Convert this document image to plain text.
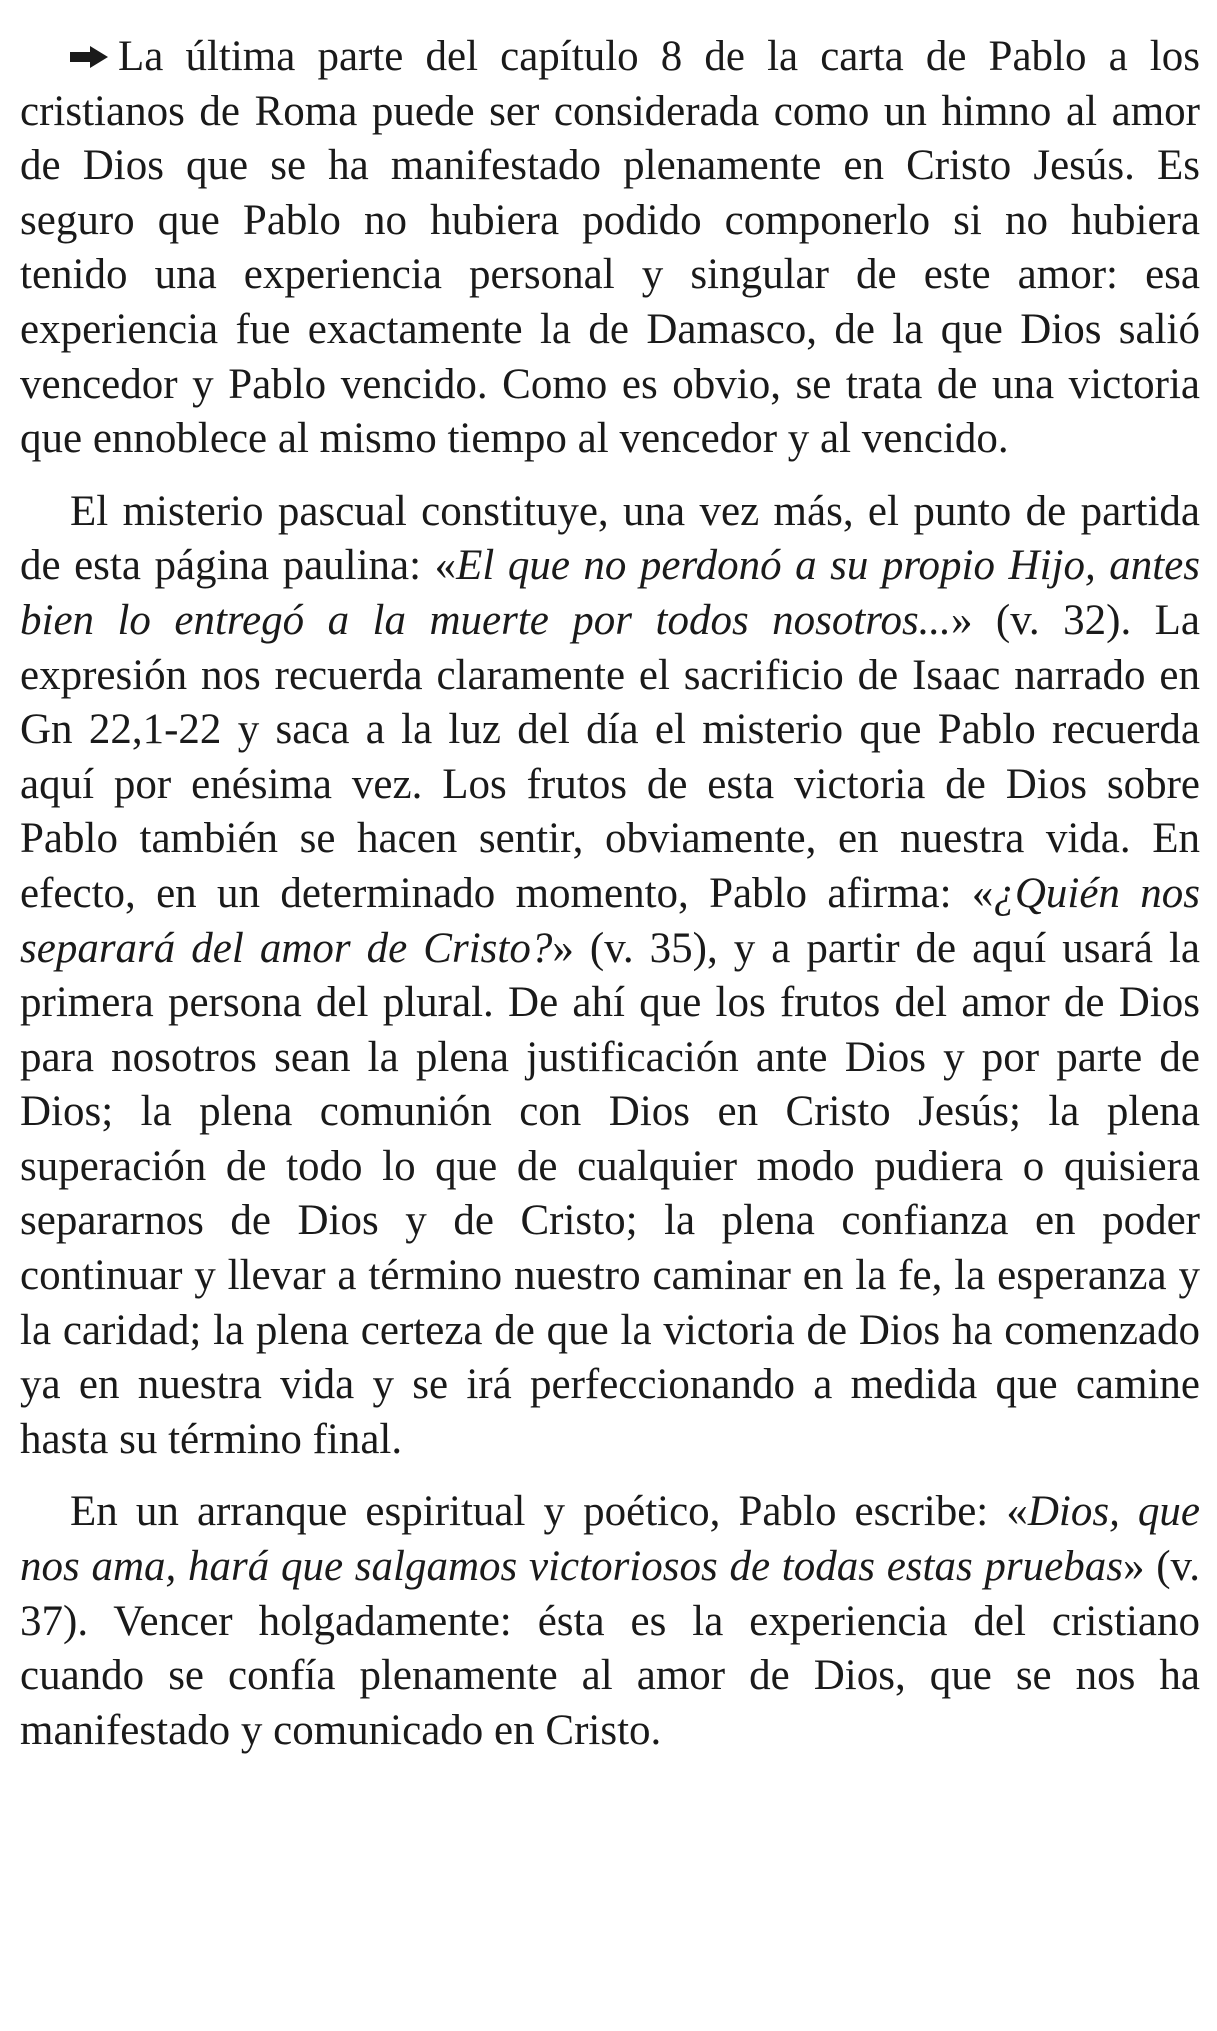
La última parte del capítulo 8 de la carta de Pablo a los cristianos de Roma puede ser considerada como un himno al amor de Dios que se ha manifestado plenamente en Cristo Jesús. Es seguro que Pablo no hubiera podido componerlo si no hubiera tenido una experiencia personal y singular de este amor: esa experiencia fue exactamente la de Damasco, de la que Dios salió vencedor y Pablo vencido. Como es obvio, se trata de una victoria que ennoblece al mismo tiempo al vencedor y al vencido.

El misterio pascual constituye, una vez más, el punto de partida de esta página paulina: «El que no perdonó a su propio Hijo, antes bien lo entregó a la muerte por todos nosotros...» (v. 32). La expresión nos recuerda claramente el sacrificio de Isaac narrado en Gn 22,1-22 y saca a la luz del día el misterio que Pablo recuerda aquí por enésima vez. Los frutos de esta victoria de Dios sobre Pablo también se hacen sentir, obviamente, en nuestra vida. En efecto, en un determinado momento, Pablo afirma: «¿Quién nos separará del amor de Cristo?» (v. 35), y a partir de aquí usará la primera persona del plural. De ahí que los frutos del amor de Dios para nosotros sean la plena justificación ante Dios y por parte de Dios; la plena comunión con Dios en Cristo Jesús; la plena superación de todo lo que de cualquier modo pudiera o quisiera separarnos de Dios y de Cristo; la plena confianza en poder continuar y llevar a término nuestro caminar en la fe, la esperanza y la caridad; la plena certeza de que la victoria de Dios ha comenzado ya en nuestra vida y se irá perfeccionando a medida que camine hasta su término final.

En un arranque espiritual y poético, Pablo escribe: «Dios, que nos ama, hará que salgamos victoriosos de todas estas pruebas» (v. 37). Vencer holgadamente: ésta es la experiencia del cristiano cuando se confía plenamente al amor de Dios, que se nos ha manifestado y comunicado en Cristo.
